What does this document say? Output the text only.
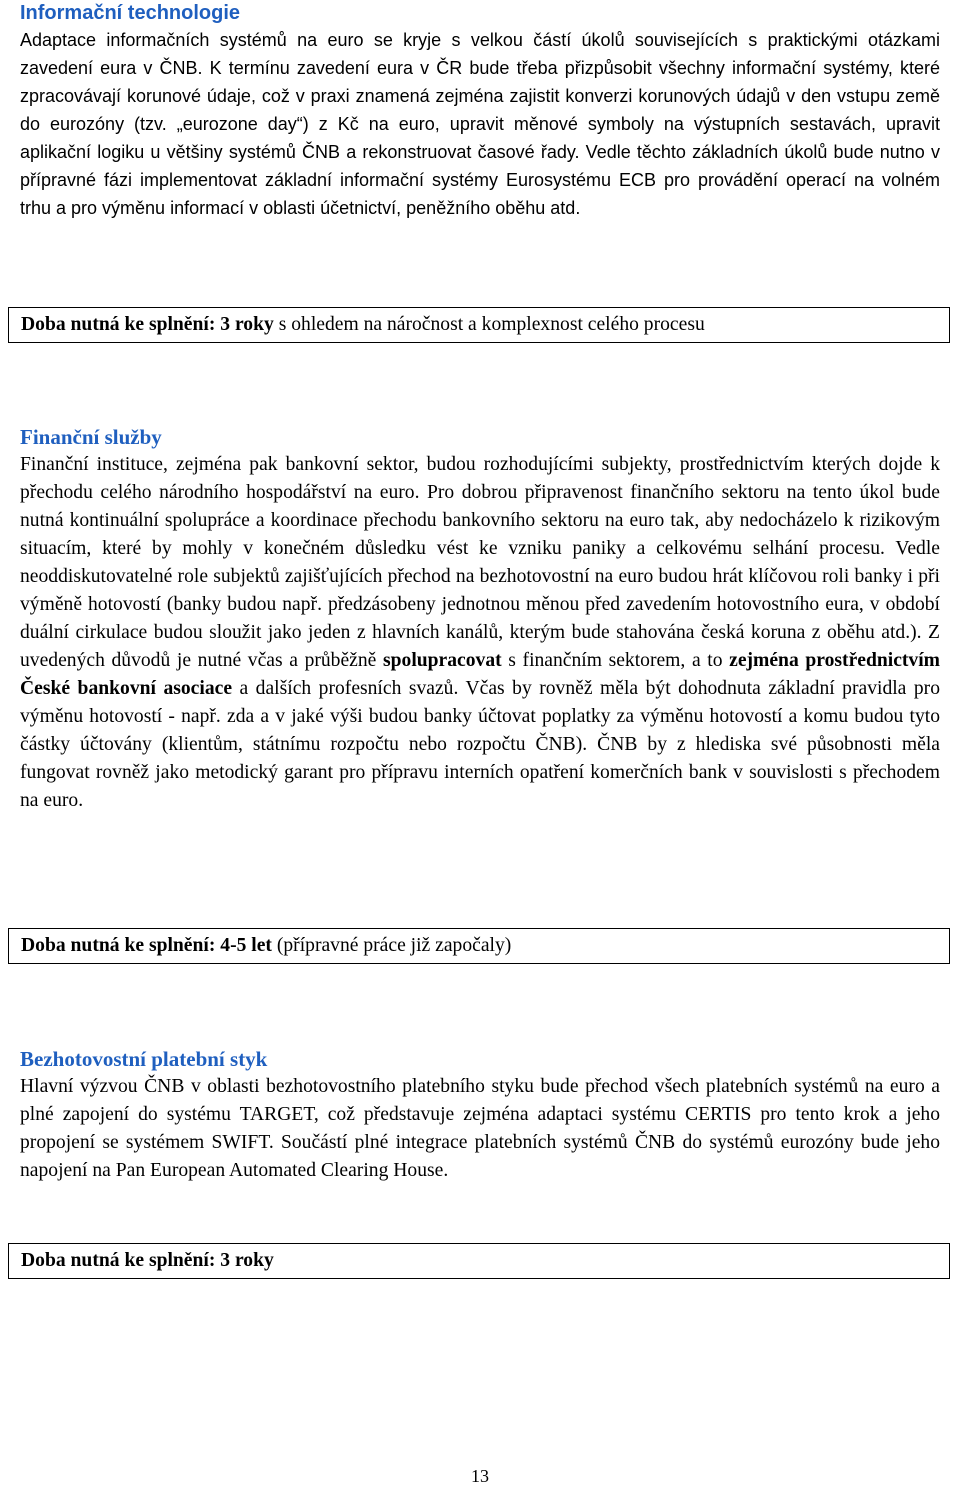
Informační technologie

Adaptace informačních systémů na euro se kryje s velkou částí úkolů souvisejících s praktickými otázkami zavedení eura v ČNB. K termínu zavedení eura v ČR bude třeba přizpůsobit všechny informační systémy, které zpracovávají korunové údaje, což v praxi znamená zejména zajistit konverzi korunových údajů v den vstupu země do eurozóny (tzv. „eurozone day“) z Kč na euro, upravit měnové symboly na výstupních sestavách, upravit aplikační logiku u většiny systémů ČNB a rekonstruovat časové řady. Vedle těchto základních úkolů bude nutno v přípravné fázi implementovat základní informační systémy Eurosystému ECB pro provádění operací na volném trhu a pro výměnu informací v oblasti účetnictví, peněžního oběhu atd.

Doba nutná ke splnění: 3 roky s ohledem na náročnost a komplexnost celého procesu
Finanční služby

Finanční instituce, zejména pak bankovní sektor, budou rozhodujícími subjekty, prostřednictvím kterých dojde k přechodu celého národního hospodářství na euro. Pro dobrou připravenost finančního sektoru na tento úkol bude nutná kontinuální spolupráce a koordinace přechodu bankovního sektoru na euro tak, aby nedocházelo k rizikovým situacím, které by mohly v konečném důsledku vést ke vzniku paniky a celkovému selhání procesu. Vedle neoddiskutovatelné role subjektů zajišťujících přechod na bezhotovostní na euro budou hrát klíčovou roli banky i při výměně hotovostí (banky budou např. předzásobeny jednotnou měnou před zavedením hotovostního eura, v období duální cirkulace budou sloužit jako jeden z hlavních kanálů, kterým bude stahována česká koruna z oběhu atd.). Z uvedených důvodů je nutné včas a průběžně spolupracovat s finančním sektorem, a to zejména prostřednictvím České bankovní asociace a dalších profesních svazů. Včas by rovněž měla být dohodnuta základní pravidla pro výměnu hotovostí - např. zda a v jaké výši budou banky účtovat poplatky za výměnu hotovostí a komu budou tyto částky účtovány (klientům, státnímu rozpočtu nebo rozpočtu ČNB). ČNB by z hlediska své působnosti měla fungovat rovněž jako metodický garant pro přípravu interních opatření komerčních bank v souvislosti s přechodem na euro.

Doba nutná ke splnění: 4-5 let (přípravné práce již započaly)
Bezhotovostní platební styk

Hlavní výzvou ČNB v oblasti bezhotovostního platebního styku bude přechod všech platebních systémů na euro a plné zapojení do systému TARGET, což představuje zejména adaptaci systému CERTIS pro tento krok a jeho propojení se systémem SWIFT. Součástí plné integrace platebních systémů ČNB do systémů eurozóny bude jeho napojení na Pan European Automated Clearing House.

Doba nutná ke splnění: 3 roky
13
